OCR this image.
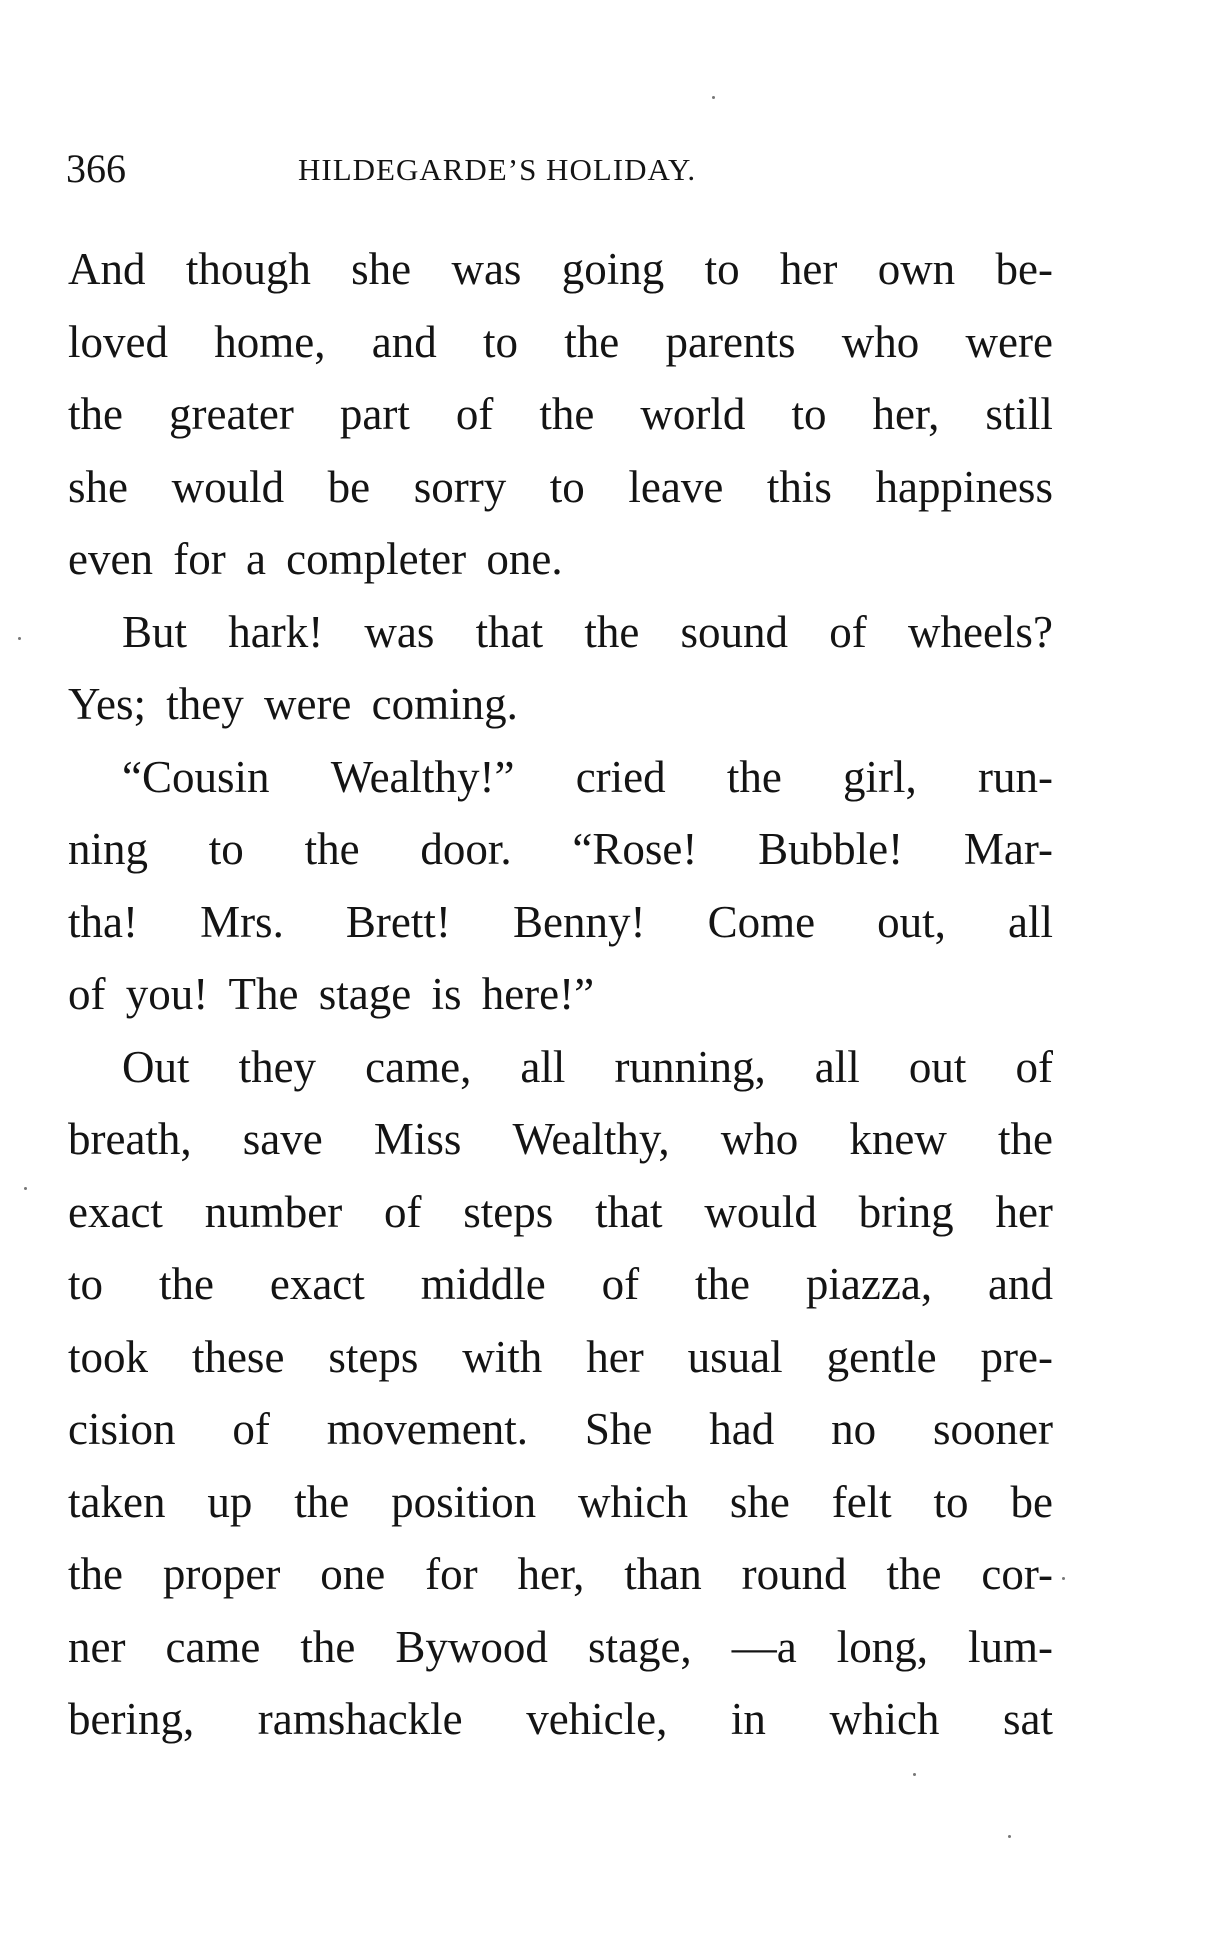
366	HILDEGARDE’S HOLIDAY.
And though she was going to her own be-
loved home, and to the parents who were
the greater part of the world to her, still
she would be sorry to leave this happiness
even for a completer one.
But hark! was that the sound of wheels?
Yes; they were coming.
“Cousin Wealthy!” cried the girl, run-
ning to the door. “Rose! Bubble! Mar-
tha! Mrs. Brett! Benny! Come out, all
of you! The stage is here!”
Out they came, all running, all out of
breath, save Miss Wealthy, who knew the
exact number of steps that would bring her
to the exact middle of the piazza, and
took these steps with her usual gentle pre-
cision of movement. She had no sooner
taken up the position which she felt to be
the proper one for her, than round the cor-
ner came the Bywood stage, —a long, lum-
bering, ramshackle vehicle, in which sat
